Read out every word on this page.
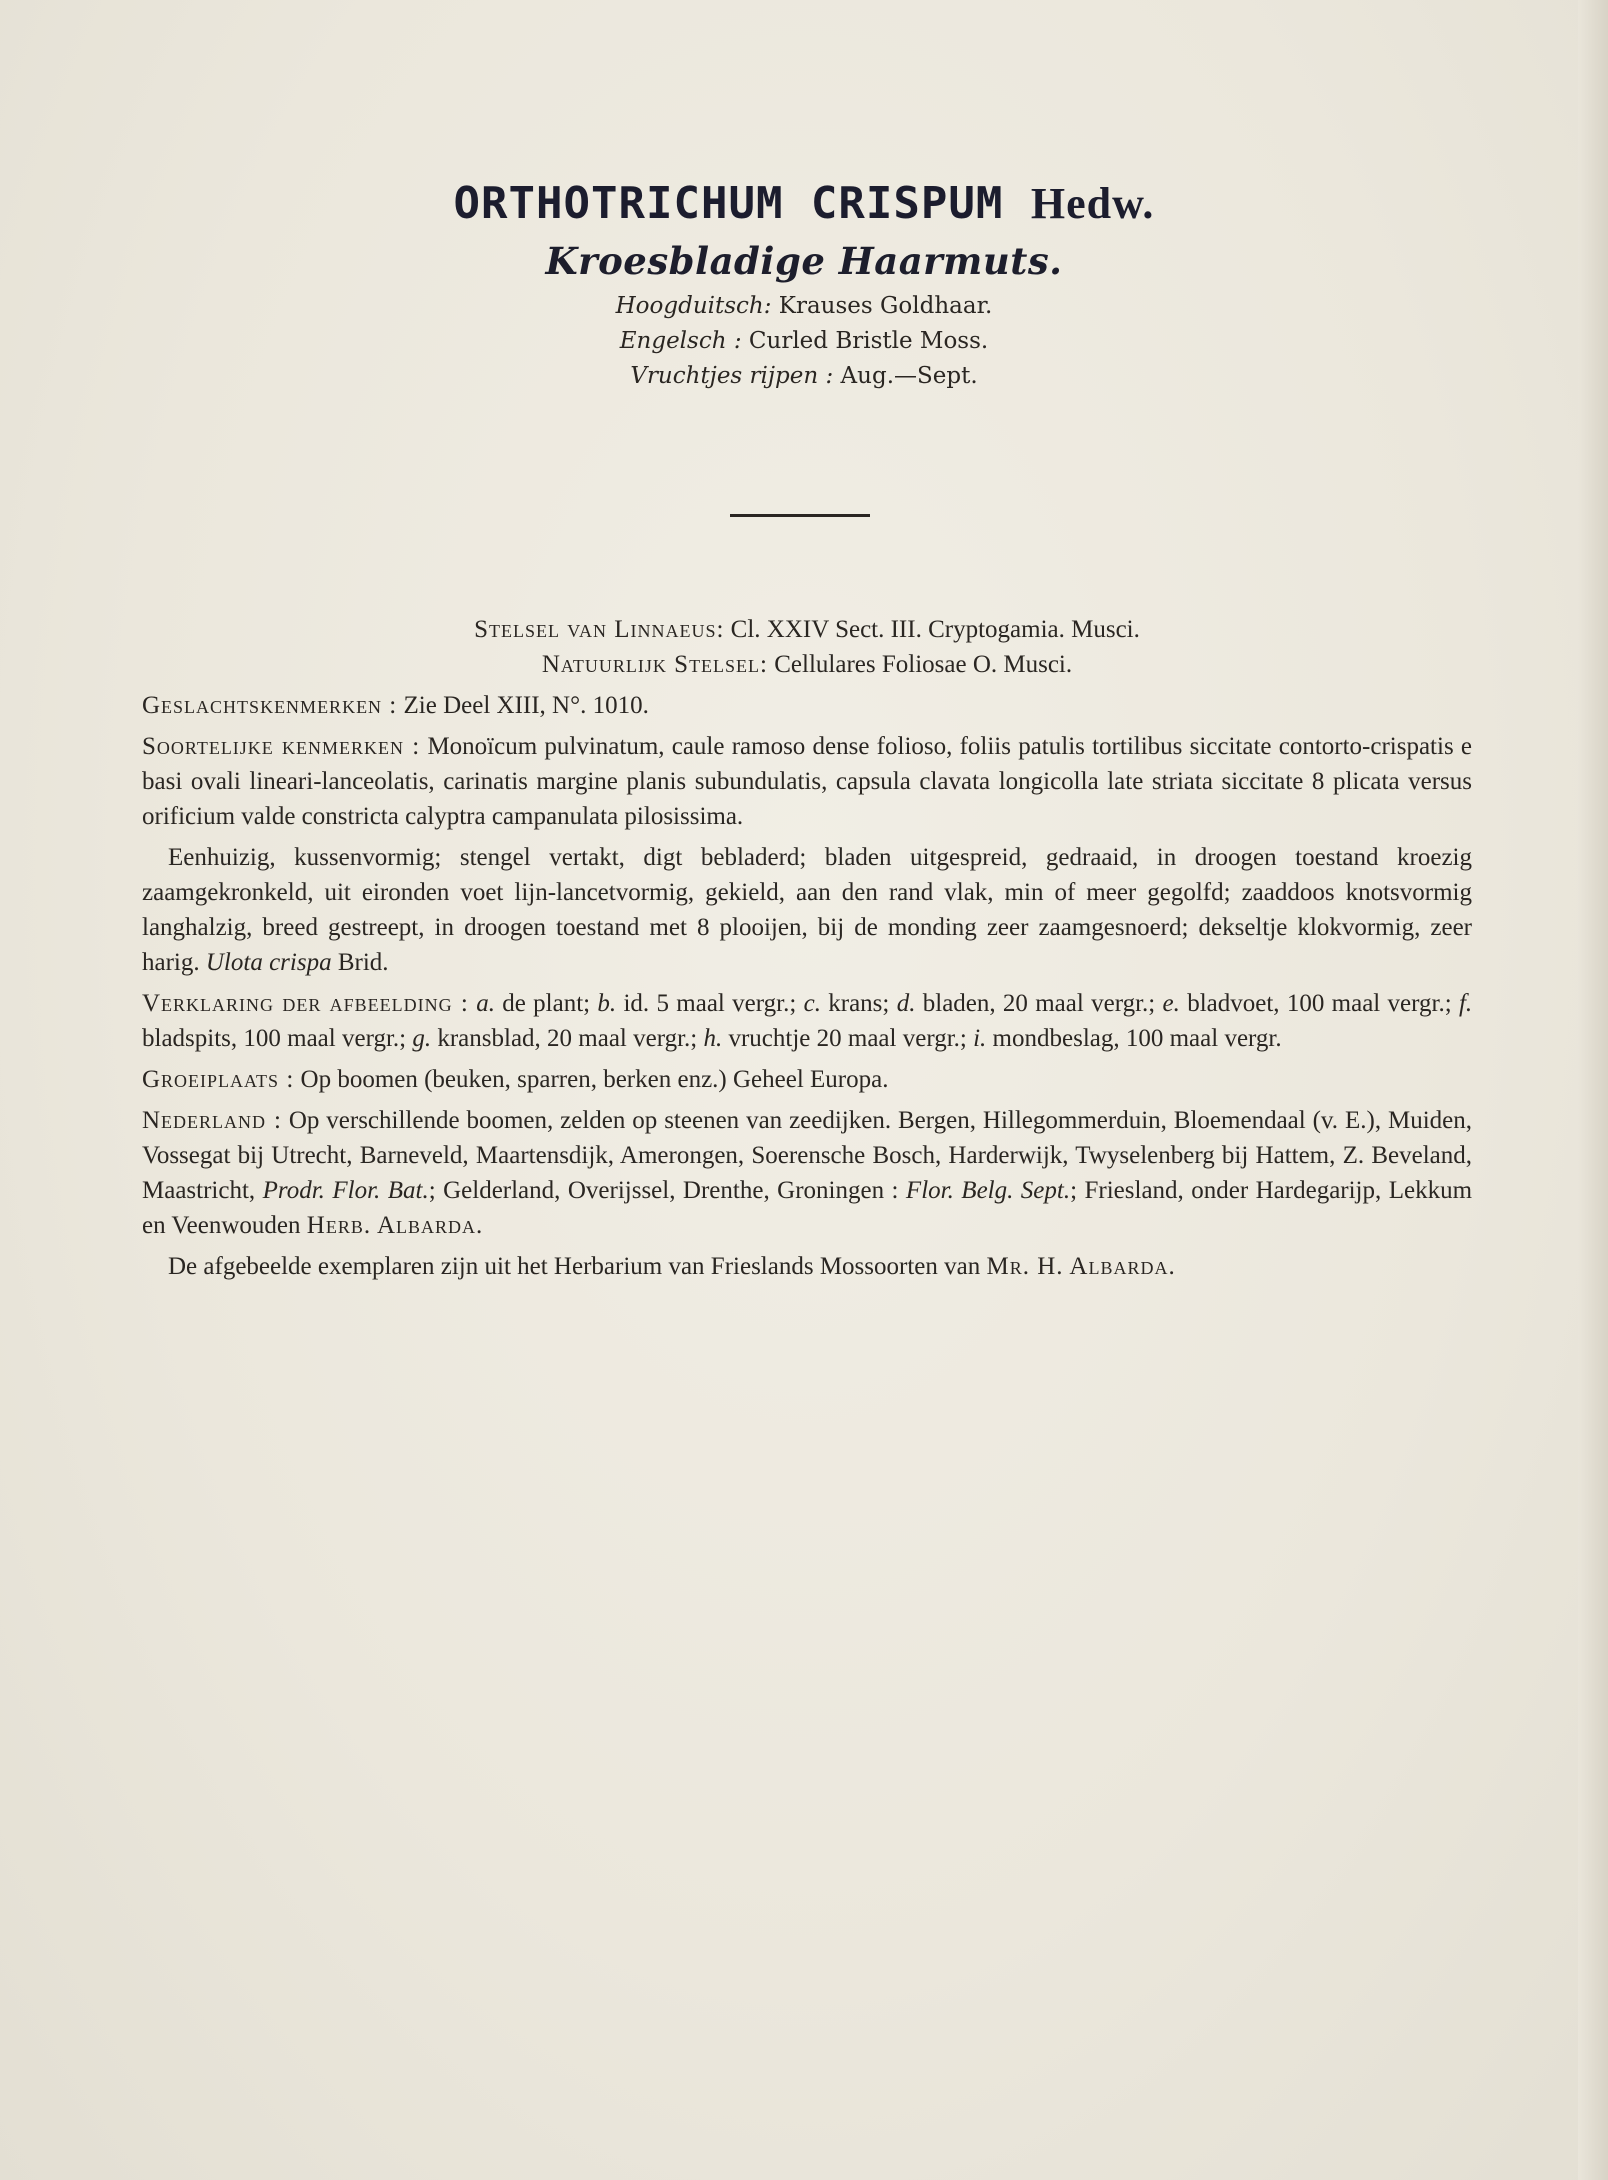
ORTHOTRICHUM CRISPUM Hedw.
Kroesbladige Haarmuts.
Hoogduitsch: Krauses Goldhaar.
Engelsch : Curled Bristle Moss.
Vruchtjes rijpen : Aug.—Sept.
Stelsel van Linnaeus: Cl. XXIV Sect. III. Cryptogamia. Musci.
Natuurlijk Stelsel: Cellulares Foliosae O. Musci.
Geslachtskenmerken : Zie Deel XIII, N°. 1010.
Soortelijke kenmerken : Monoïcum pulvinatum, caule ramoso dense folioso, foliis patulis tortilibus siccitate contorto-crispatis e basi ovali lineari-lanceolatis, carinatis margine planis subundulatis, capsula clavata longicolla late striata siccitate 8 plicata versus orificium valde constricta calyptra campanulata pilosissima.
Eenhuizig, kussenvormig; stengel vertakt, digt bebladerd; bladen uitgespreid, gedraaid, in droogen toestand kroezig zaamgekronkeld, uit eironden voet lijn-lancetvormig, gekield, aan den rand vlak, min of meer gegolfd; zaaddoos knotsvormig langhalzig, breed gestreept, in droogen toestand met 8 plooijen, bij de monding zeer zaamgesnoerd; dekseltje klokvormig, zeer harig. Ulota crispa Brid.
Verklaring der afbeelding : a. de plant; b. id. 5 maal vergr.; c. krans; d. bladen, 20 maal vergr.; e. bladvoet, 100 maal vergr.; f. bladspits, 100 maal vergr.; g. kransblad, 20 maal vergr.; h. vruchtje 20 maal vergr.; i. mondbeslag, 100 maal vergr.
Groeiplaats : Op boomen (beuken, sparren, berken enz.) Geheel Europa.
Nederland : Op verschillende boomen, zelden op steenen van zeedijken. Bergen, Hillegommerduin, Bloemendaal (v. E.), Muiden, Vossegat bij Utrecht, Barneveld, Maartensdijk, Amerongen, Soerensche Bosch, Harderwijk, Twyselenberg bij Hattem, Z. Beveland, Maastricht, Prodr. Flor. Bat.; Gelderland, Overijssel, Drenthe, Groningen : Flor. Belg. Sept.; Friesland, onder Hardegarijp, Lekkum en Veenwouden Herb. Albarda.
De afgebeelde exemplaren zijn uit het Herbarium van Frieslands Mossoorten van Mr. H. Albarda.
